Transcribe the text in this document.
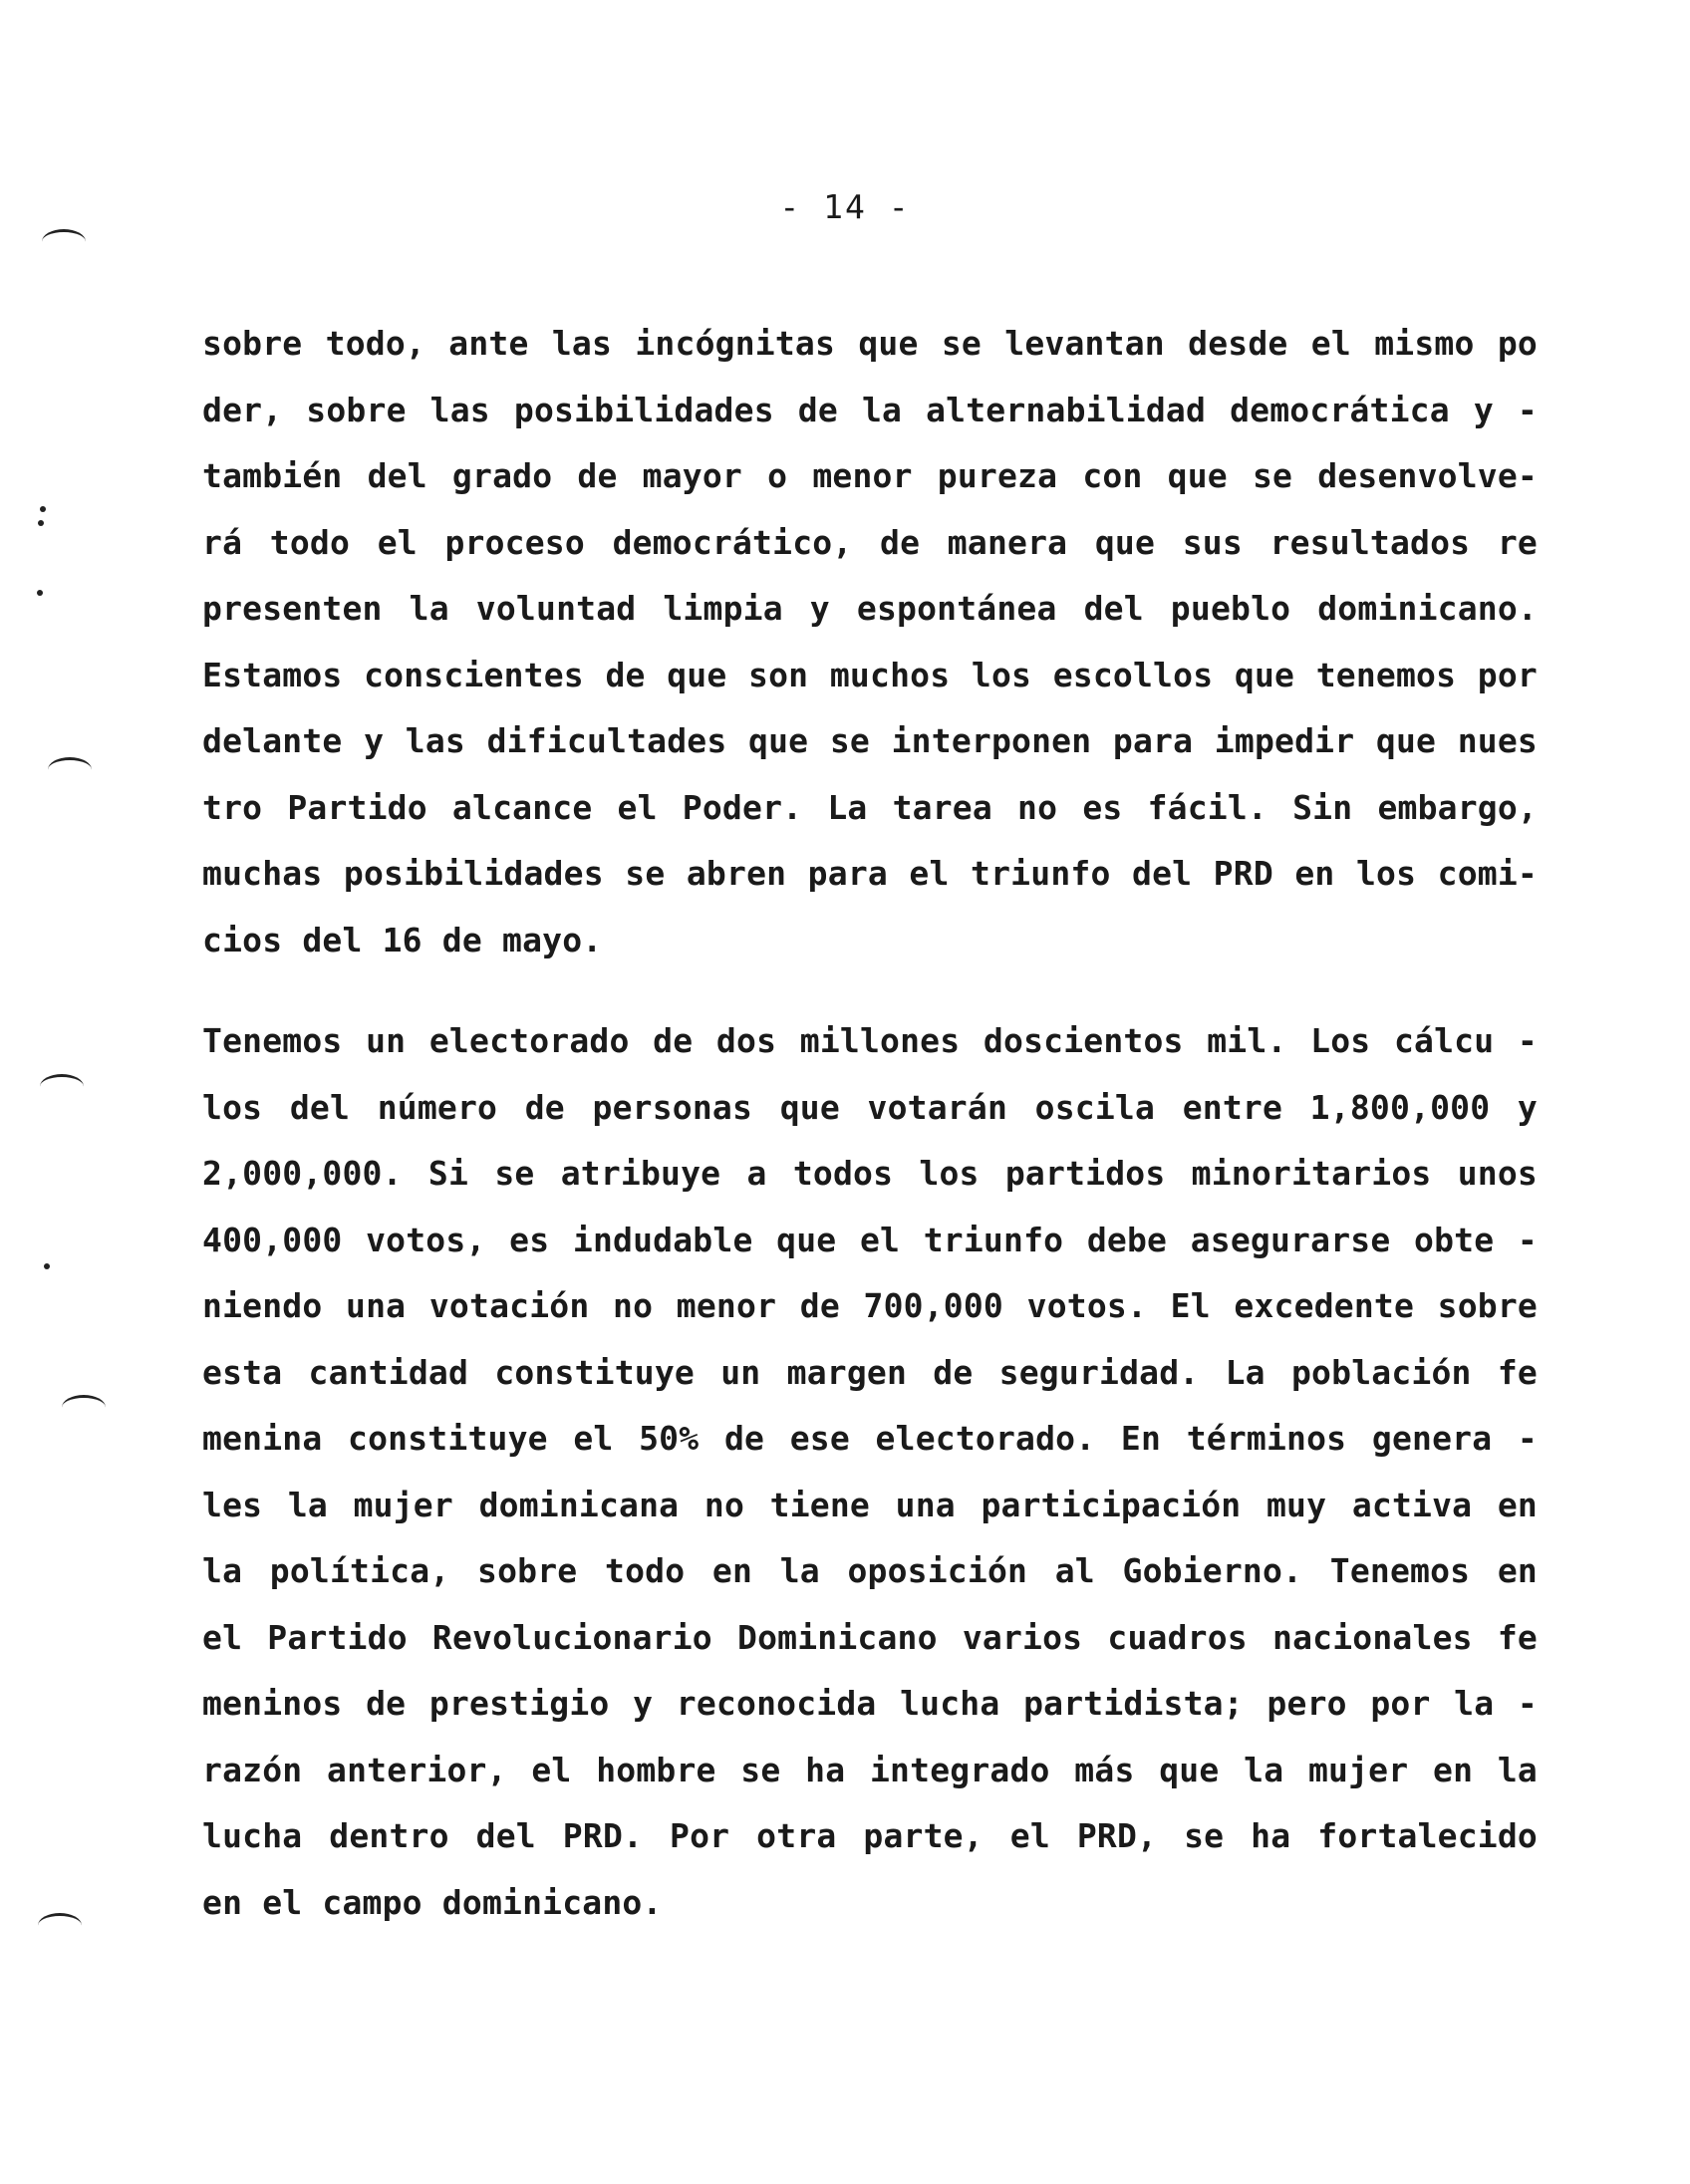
- 14 -
sobre todo, ante las incógnitas que se levantan desde el mismo po
der, sobre las posibilidades de la alternabilidad democrática y -
también del grado de mayor o menor pureza con que se desenvolve-
rá todo el proceso democrático, de manera que sus resultados re
presenten la voluntad limpia y espontánea del pueblo dominicano.
Estamos conscientes de que son muchos los escollos que tenemos por
delante y las dificultades que se interponen para impedir que nues
tro Partido alcance el Poder. La tarea no es fácil. Sin embargo,
muchas posibilidades se abren para el triunfo del PRD en los comi-
cios del 16 de mayo.
Tenemos un electorado de dos millones doscientos mil. Los cálcu -
los del número de personas que votarán oscila entre 1,800,000 y
2,000,000. Si se atribuye a todos los partidos minoritarios unos
400,000 votos, es indudable que el triunfo debe asegurarse obte -
niendo una votación no menor de 700,000 votos. El excedente sobre
esta cantidad constituye un margen de seguridad. La población fe
menina constituye el 50% de ese electorado. En términos genera -
les la mujer dominicana no tiene una participación muy activa en
la política, sobre todo en la oposición al Gobierno. Tenemos en
el Partido Revolucionario Dominicano varios cuadros nacionales fe
meninos de prestigio y reconocida lucha partidista; pero por la -
razón anterior, el hombre se ha integrado más que la mujer en la
lucha dentro del PRD. Por otra parte, el PRD, se ha fortalecido
en el campo dominicano.
